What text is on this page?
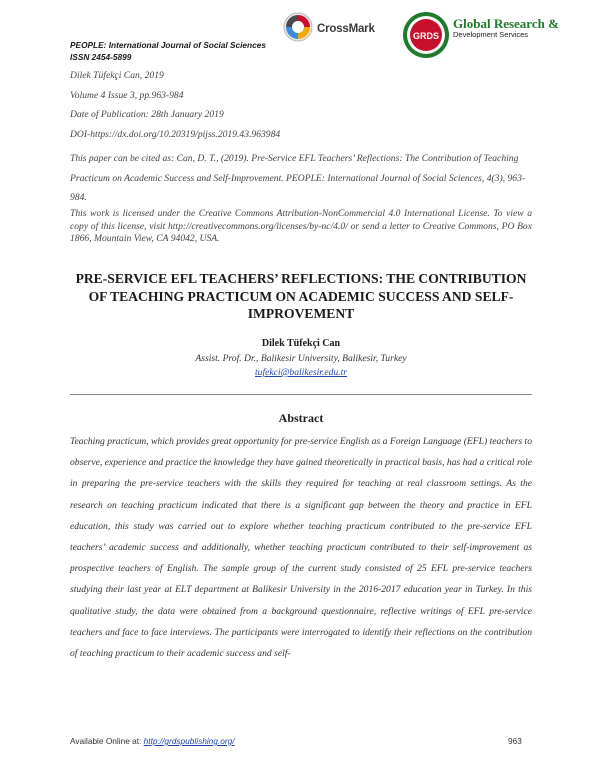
PEOPLE: International Journal of Social Sciences
ISSN 2454-5899
CrossMark
GRDS
Global Research &
Development Services
Dilek Tüfekçi Can, 2019
Volume 4 Issue 3, pp.963-984
Date of Publication: 28th January 2019
DOI-https://dx.doi.org/10.20319/pijss.2019.43.963984
This paper can be cited as: Can, D. T., (2019). Pre-Service EFL Teachers’ Reflections: The Contribution of Teaching Practicum on Academic Success and Self-Improvement. PEOPLE: International Journal of Social Sciences, 4(3), 963-984.
This work is licensed under the Creative Commons Attribution-NonCommercial 4.0 International License. To view a copy of this license, visit http://creativecommons.org/licenses/by-nc/4.0/ or send a letter to Creative Commons, PO Box 1866, Mountain View, CA 94042, USA.
PRE-SERVICE EFL TEACHERS’ REFLECTIONS: THE CONTRIBUTION OF TEACHING PRACTICUM ON ACADEMIC SUCCESS AND SELF-IMPROVEMENT
Dilek Tüfekçi Can
Assist. Prof. Dr., Balikesir University, Balikesir, Turkey
tufekci@balikesir.edu.tr
Abstract
Teaching practicum, which provides great opportunity for pre-service English as a Foreign Language (EFL) teachers to observe, experience and practice the knowledge they have gained theoretically in practical basis, has had a critical role in preparing the pre-service teachers with the skills they required for teaching at real classroom settings. As the research on teaching practicum indicated that there is a significant gap between the theory and practice in EFL education, this study was carried out to explore whether teaching practicum contributed to the pre-service EFL teachers’ academic success and additionally, whether teaching practicum contributed to their self-improvement as prospective teachers of English. The sample group of the current study consisted of 25 EFL pre-service teachers studying their last year at ELT department at Balikesir University in the 2016-2017 education year in Turkey. In this qualitative study, the data were obtained from a background questionnaire, reflective writings of EFL pre-service teachers and face to face interviews. The participants were interrogated to identify their reflections on the contribution of teaching practicum to their academic success and self-
Available Online at: http://grdspublishing.org/	963
